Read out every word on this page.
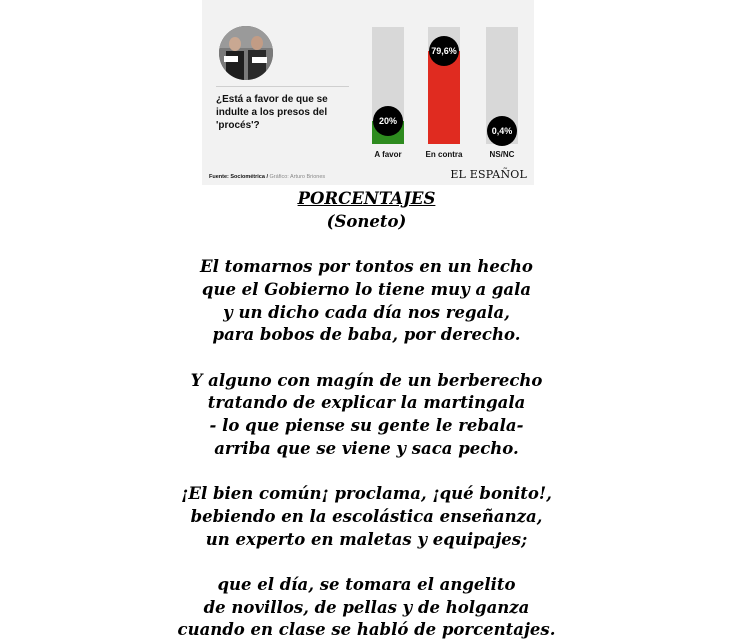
¿Está a favor de que se indulte a los presos del 'procés'?	20%
79,6%
0,4%
A favor	En contra	NS/NC
Fuente: Sociométrica / Gráfico: Arturo Briones	EL ESPAÑOL
PORCENTAJES
(Soneto)
El tomarnos por tontos en un hecho
que el Gobierno lo tiene muy a gala
y un dicho cada día nos regala,
para bobos de baba, por derecho.
Y alguno con magín de un berberecho
tratando de explicar la martingala
- lo que piense su gente le rebala-
arriba que se viene y saca pecho.
¡El bien común¡ proclama, ¡qué bonito!,
bebiendo en la escolástica enseñanza,
un experto en maletas y equipajes;
que el día, se tomara el angelito
de novillos, de pellas y de holganza
cuando en clase se habló de porcentajes.
